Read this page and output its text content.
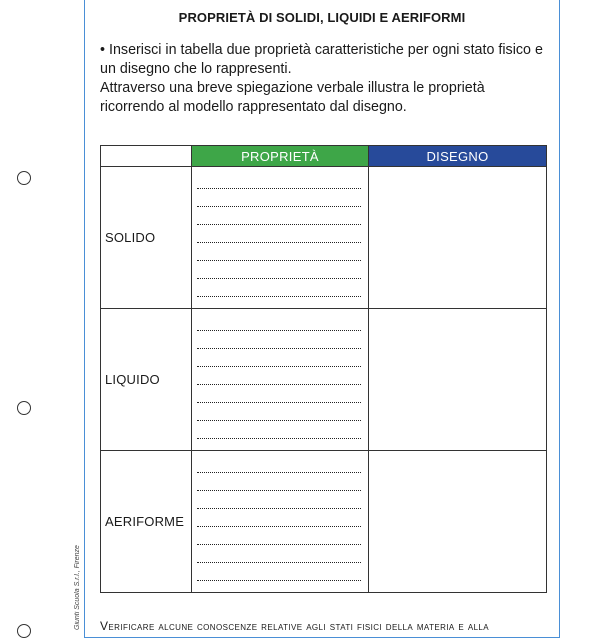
Giunti Scuola S.r.l., Firenze
PROPRIETÀ DI SOLIDI, LIQUIDI E AERIFORMI

• Inserisci in tabella due proprietà caratteristiche per ogni stato fisico e un disegno che lo rappresenti.

Attraverso una breve spiegazione verbale illustra le proprietà ricorrendo al modello rappresentato dal disegno.

	PROPRIETÀ	DISEGNO
SOLIDO	

LIQUIDO	

AERIFORME	

Verificare alcune conoscenze relative agli stati fisici della materia e alla
